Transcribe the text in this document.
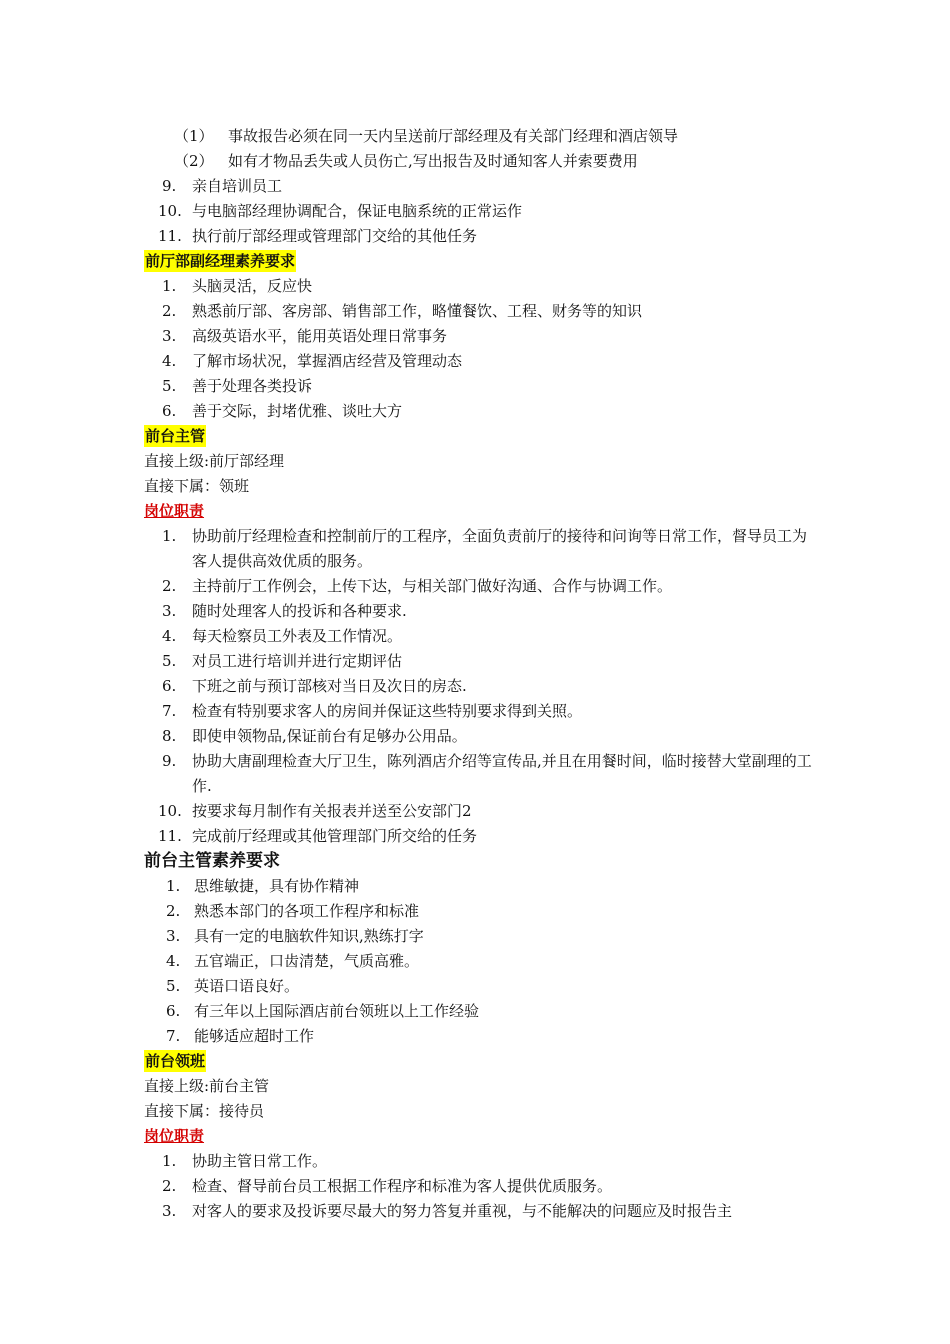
（1） 事故报告必须在同一天内呈送前厅部经理及有关部门经理和酒店领导
（2） 如有才物品丢失或人员伤亡,写出报告及时通知客人并索要费用
9.	亲自培训员工
10. 与电脑部经理协调配合，保证电脑系统的正常运作
11. 执行前厅部经理或管理部门交给的其他任务
前厅部副经理素养要求
1.	头脑灵活，反应快
2.	熟悉前厅部、客房部、销售部工作，略懂餐饮、工程、财务等的知识
3.	高级英语水平，能用英语处理日常事务
4.	了解市场状况，掌握酒店经营及管理动态
5.	善于处理各类投诉
6.	善于交际，封堵优雅、谈吐大方
前台主管
直接上级:前厅部经理
直接下属：领班
岗位职责
1. 协助前厅经理检查和控制前厅的工程序，全面负责前厅的接待和问询等日常工作，督导员工为客人提供高效优质的服务。
2.	主持前厅工作例会，上传下达，与相关部门做好沟通、合作与协调工作。
3.	随时处理客人的投诉和各种要求.
4.	每天检察员工外表及工作情况。
5.	对员工进行培训并进行定期评估
6.	下班之前与预订部核对当日及次日的房态.
7.	检查有特别要求客人的房间并保证这些特别要求得到关照。
8.	即使申领物品,保证前台有足够办公用品。
9. 协助大唐副理检查大厅卫生，陈列酒店介绍等宣传品,并且在用餐时间，临时接替大堂副理的工作.
10. 按要求每月制作有关报表并送至公安部门2
11. 完成前厅经理或其他管理部门所交给的任务
前台主管素养要求
1. 思维敏捷，具有协作精神
2. 熟悉本部门的各项工作程序和标准
3. 具有一定的电脑软件知识,熟练打字
4. 五官端正，口齿清楚，气质高雅。
5. 英语口语良好。
6. 有三年以上国际酒店前台领班以上工作经验
7. 能够适应超时工作
前台领班
直接上级:前台主管
直接下属：接待员
岗位职责
1.	协助主管日常工作。
2.	检查、督导前台员工根据工作程序和标准为客人提供优质服务。
3.	对客人的要求及投诉要尽最大的努力答复并重视，与不能解决的问题应及时报告主
